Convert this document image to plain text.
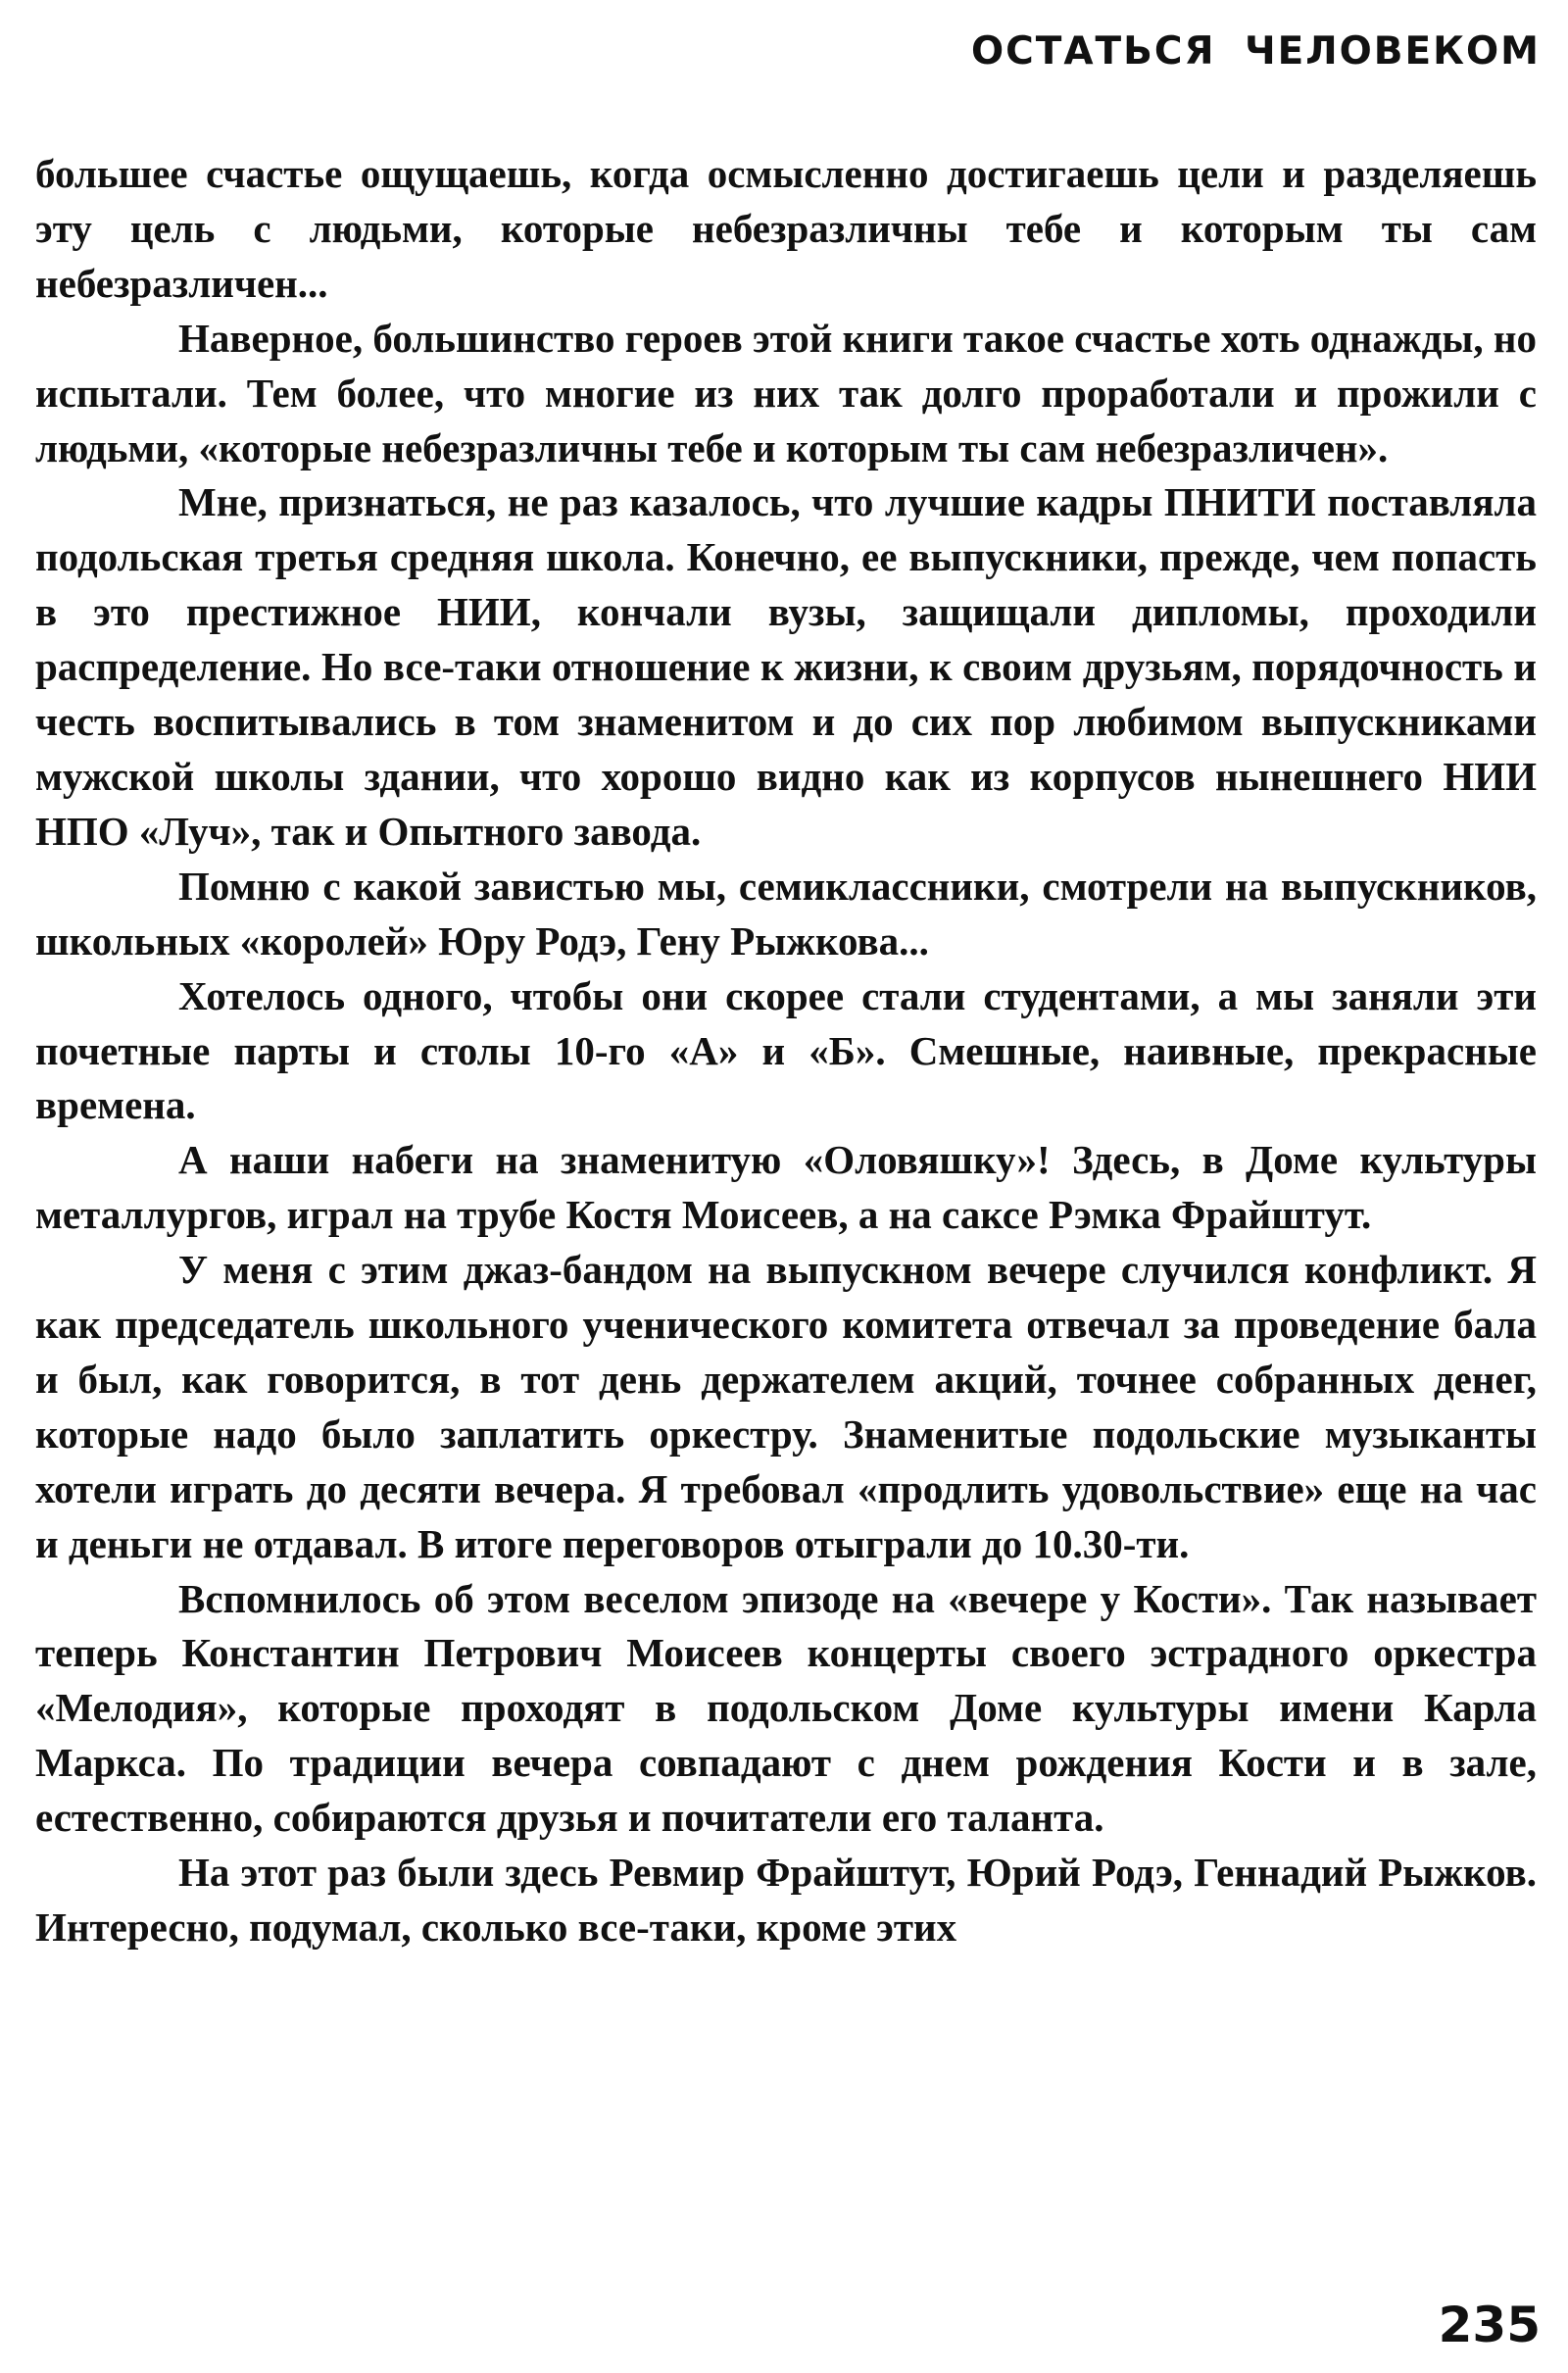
ОСТАТЬСЯ ЧЕЛОВЕКОМ

большее счастье ощущаешь, когда осмысленно достигаешь цели и разделяешь эту цель с людьми, которые небезразличны тебе и которым ты сам небезразличен...

Наверное, большинство героев этой книги такое счастье хоть однажды, но испытали. Тем более, что многие из них так долго проработали и прожили с людьми, «которые небезразличны тебе и которым ты сам небезразличен».

Мне, признаться, не раз казалось, что лучшие кадры ПНИТИ поставляла подольская третья средняя школа. Конечно, ее выпускники, прежде, чем попасть в это престижное НИИ, кончали вузы, защищали дипломы, проходили распределение. Но все-таки отношение к жизни, к своим друзьям, порядочность и честь воспитывались в том знаменитом и до сих пор любимом выпускниками мужской школы здании, что хорошо видно как из корпусов нынешнего НИИ НПО «Луч», так и Опытного завода.

Помню с какой завистью мы, семиклассники, смотрели на выпускников, школьных «королей» Юру Родэ, Гену Рыжкова...

Хотелось одного, чтобы они скорее стали студентами, а мы заняли эти почетные парты и столы 10-го «А» и «Б». Смешные, наивные, прекрасные времена.

А наши набеги на знаменитую «Оловяшку»! Здесь, в Доме культуры металлургов, играл на трубе Костя Моисеев, а на саксе Рэмка Фрайштут.

У меня с этим джаз-бандом на выпускном вечере случился конфликт. Я как председатель школьного ученического комитета отвечал за проведение бала и был, как говорится, в тот день держателем акций, точнее собранных денег, которые надо было заплатить оркестру. Знаменитые подольские музыканты хотели играть до десяти вечера. Я требовал «продлить удовольствие» еще на час и деньги не отдавал. В итоге переговоров отыграли до 10.30-ти.

Вспомнилось об этом веселом эпизоде на «вечере у Кости». Так называет теперь Константин Петрович Моисеев концерты своего эстрадного оркестра «Мелодия», которые проходят в подольском Доме культуры имени Карла Маркса. По традиции вечера совпадают с днем рождения Кости и в зале, естественно, собираются друзья и почитатели его таланта.

На этот раз были здесь Ревмир Фрайштут, Юрий Родэ, Геннадий Рыжков. Интересно, подумал, сколько все-таки, кроме этих

235
